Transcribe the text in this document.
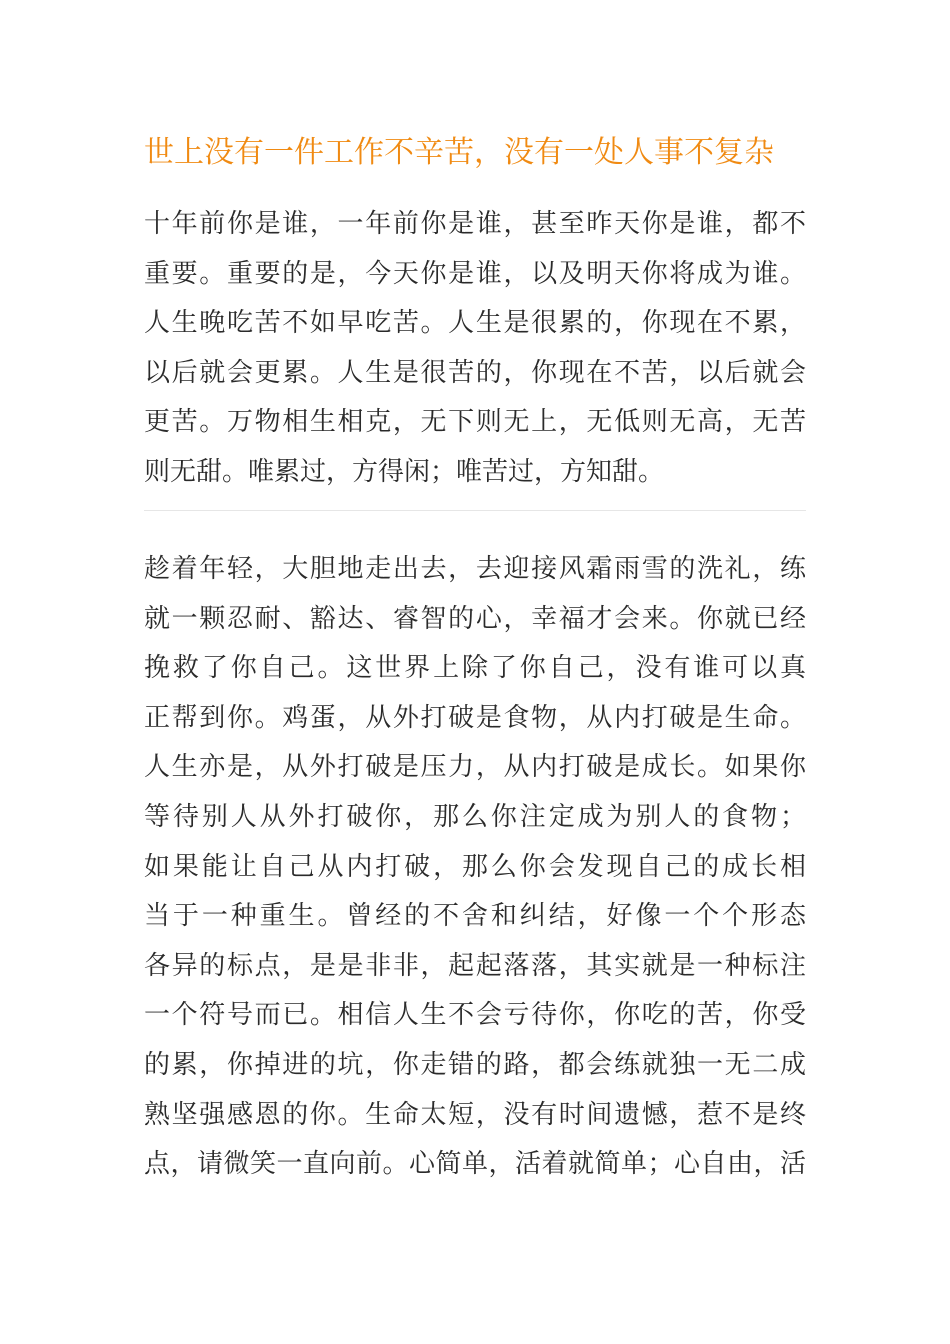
世上没有一件工作不辛苦，没有一处人事不复杂
十年前你是谁，一年前你是谁，甚至昨天你是谁，都不
重要。重要的是，今天你是谁，以及明天你将成为谁。
人生晚吃苦不如早吃苦。人生是很累的，你现在不累，
以后就会更累。人生是很苦的，你现在不苦，以后就会
更苦。万物相生相克，无下则无上，无低则无高，无苦
则无甜。唯累过，方得闲；唯苦过，方知甜。
趁着年轻，大胆地走出去，去迎接风霜雨雪的洗礼，练
就一颗忍耐、豁达、睿智的心，幸福才会来。你就已经
挽救了你自己。这世界上除了你自己，没有谁可以真
正帮到你。鸡蛋，从外打破是食物，从内打破是生命。
人生亦是，从外打破是压力，从内打破是成长。如果你
等待别人从外打破你，那么你注定成为别人的食物；
如果能让自己从内打破，那么你会发现自己的成长相
当于一种重生。曾经的不舍和纠结，好像一个个形态
各异的标点，是是非非，起起落落，其实就是一种标注
一个符号而已。相信人生不会亏待你，你吃的苦，你受
的累，你掉进的坑，你走错的路，都会练就独一无二成
熟坚强感恩的你。生命太短，没有时间遗憾，惹不是终
点，请微笑一直向前。心简单，活着就简单；心自由，活
